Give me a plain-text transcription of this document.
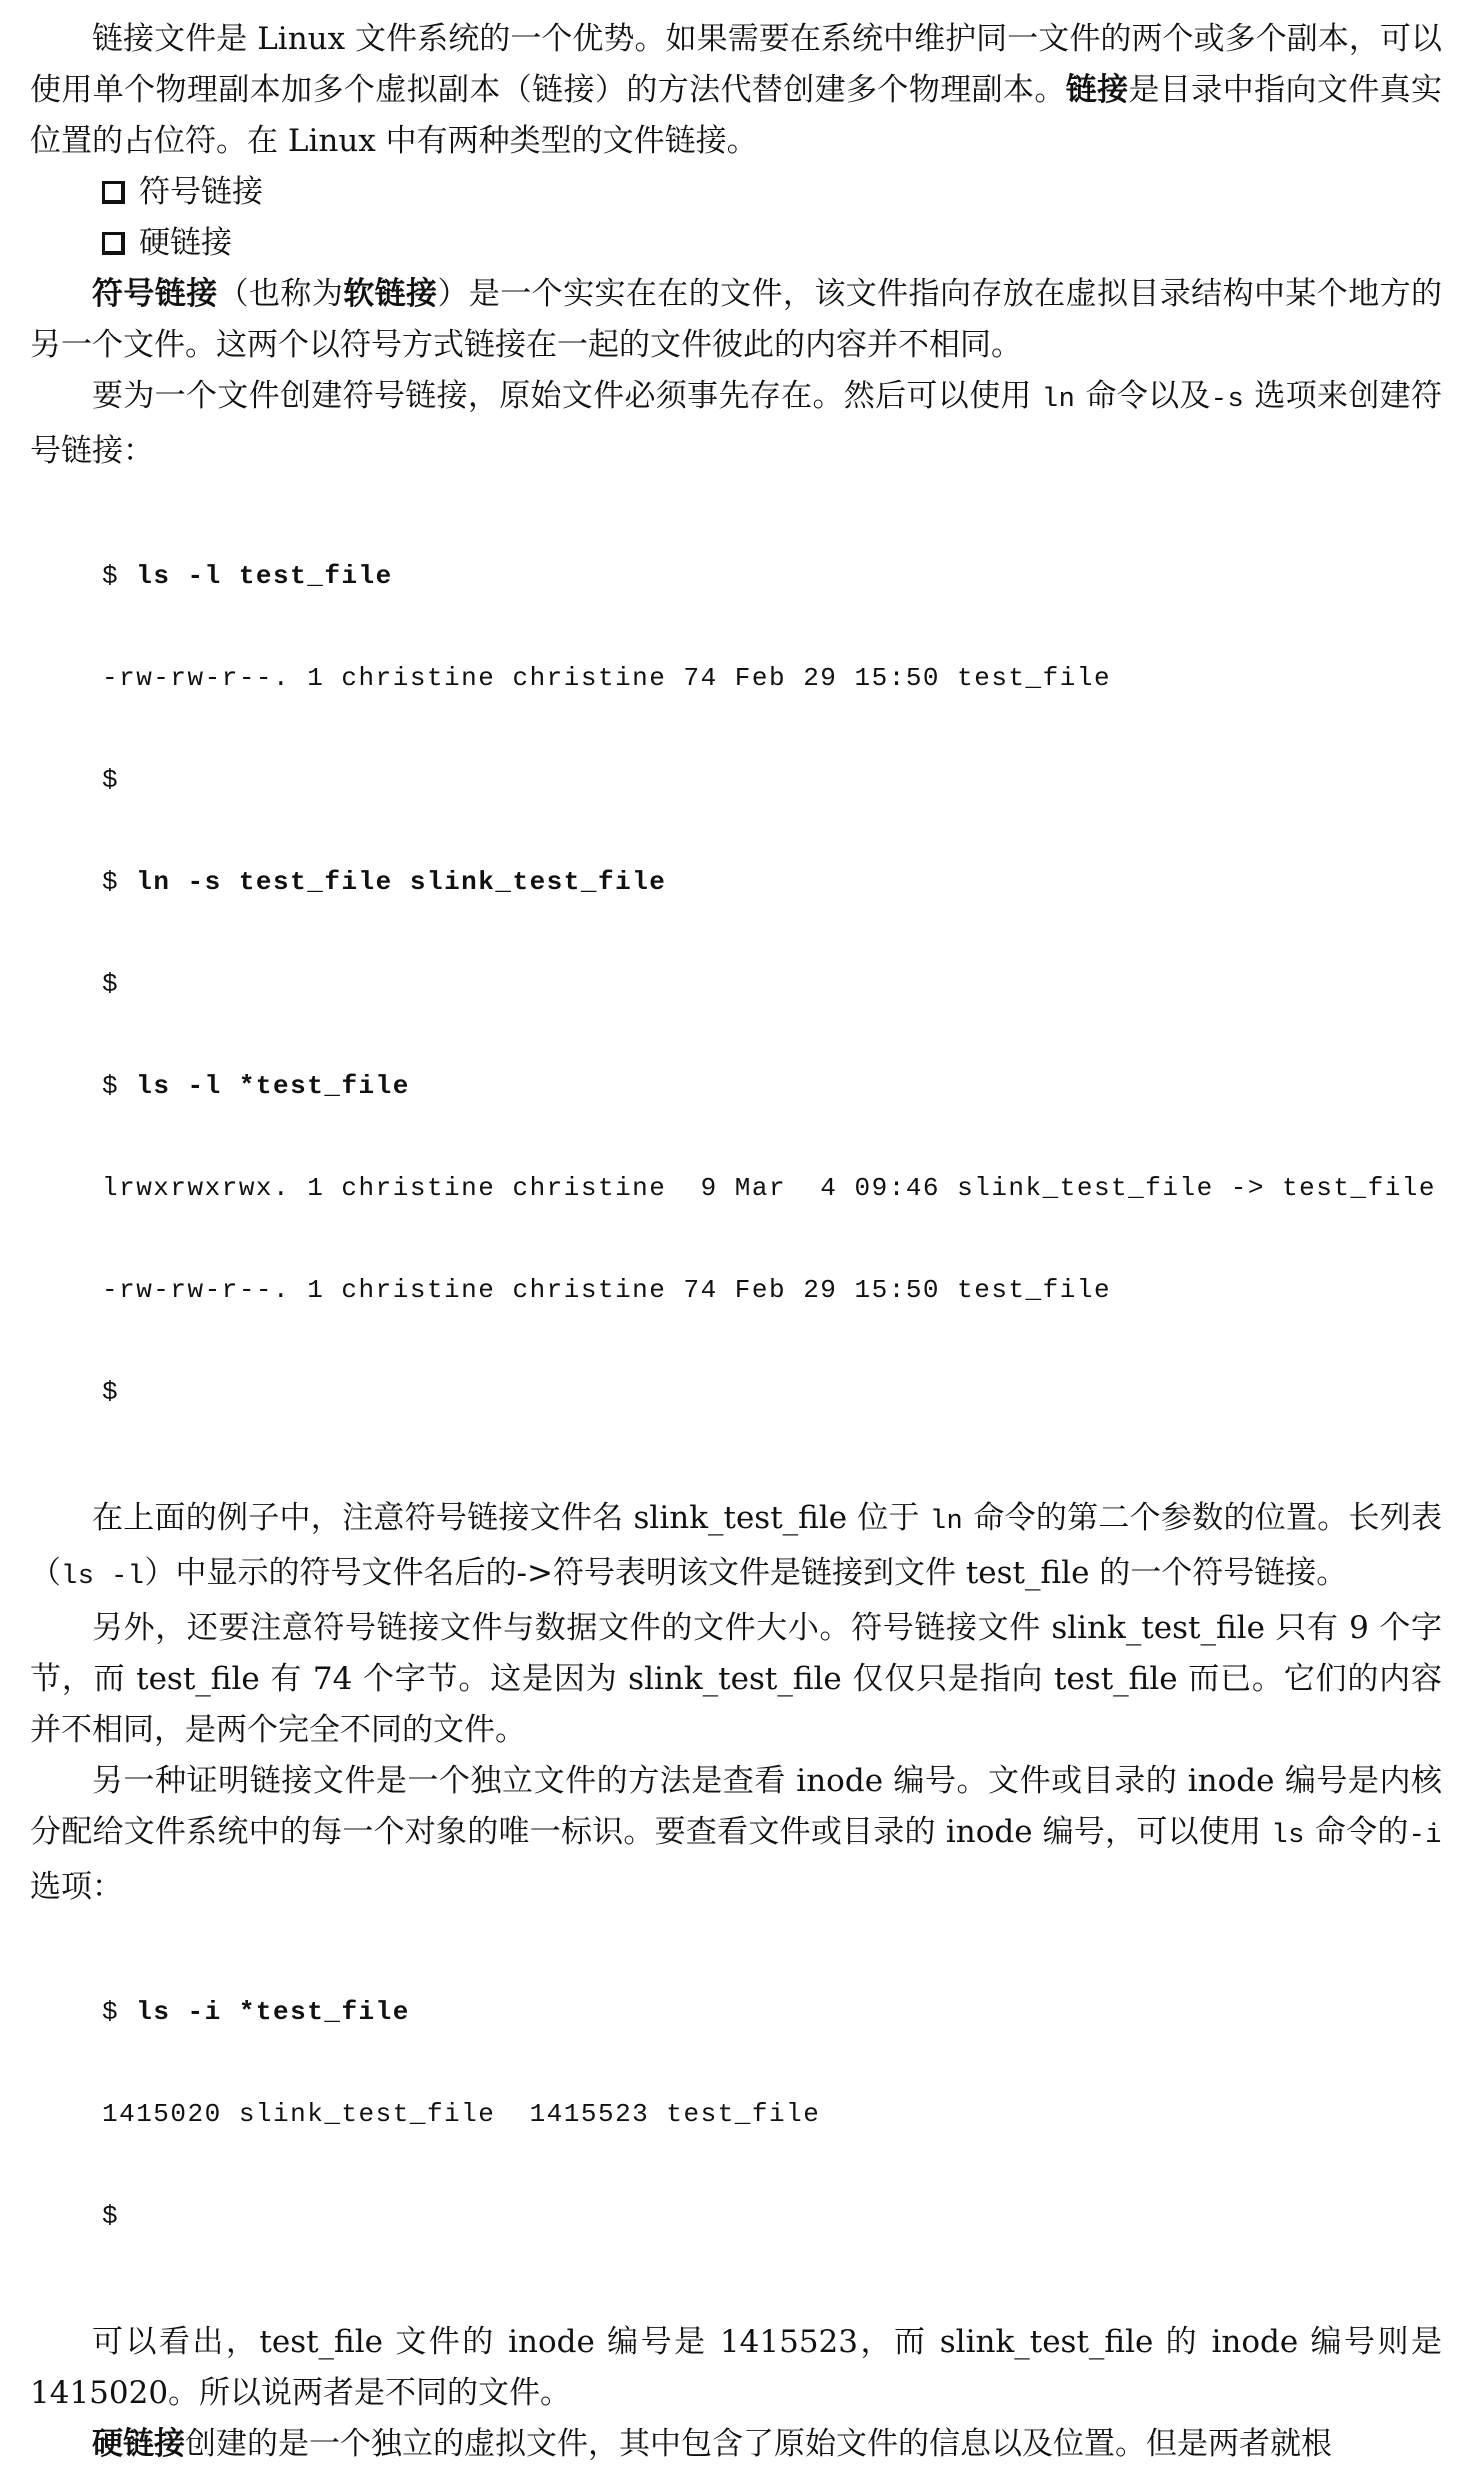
链接文件是 Linux 文件系统的一个优势。如果需要在系统中维护同一文件的两个或多个副本，可以使用单个物理副本加多个虚拟副本（链接）的方法代替创建多个物理副本。链接是目录中指向文件真实位置的占位符。在 Linux 中有两种类型的文件链接。

符号链接
硬链接

符号链接（也称为软链接）是一个实实在在的文件，该文件指向存放在虚拟目录结构中某个地方的另一个文件。这两个以符号方式链接在一起的文件彼此的内容并不相同。

要为一个文件创建符号链接，原始文件必须事先存在。然后可以使用 ln 命令以及-s 选项来创建符号链接：

$ ls -l test_file

-rw-rw-r--. 1 christine christine 74 Feb 29 15:50 test_file

$

$ ln -s test_file slink_test_file

$

$ ls -l *test_file

lrwxrwxrwx. 1 christine christine  9 Mar  4 09:46 slink_test_file -> test_file

-rw-rw-r--. 1 christine christine 74 Feb 29 15:50 test_file

$

在上面的例子中，注意符号链接文件名 slink_test_file 位于 ln 命令的第二个参数的位置。长列表（ls -l）中显示的符号文件名后的->符号表明该文件是链接到文件 test_file 的一个符号链接。

另外，还要注意符号链接文件与数据文件的文件大小。符号链接文件 slink_test_file 只有 9 个字节，而 test_file 有 74 个字节。这是因为 slink_test_file 仅仅只是指向 test_file 而已。它们的内容并不相同，是两个完全不同的文件。

另一种证明链接文件是一个独立文件的方法是查看 inode 编号。文件或目录的 inode 编号是内核分配给文件系统中的每一个对象的唯一标识。要查看文件或目录的 inode 编号，可以使用 ls 命令的-i 选项：

$ ls -i *test_file

1415020 slink_test_file  1415523 test_file

$

可以看出，test_file 文件的 inode 编号是 1415523，而 slink_test_file 的 inode 编号则是 1415020。所以说两者是不同的文件。

硬链接创建的是一个独立的虚拟文件，其中包含了原始文件的信息以及位置。但是两者就根
